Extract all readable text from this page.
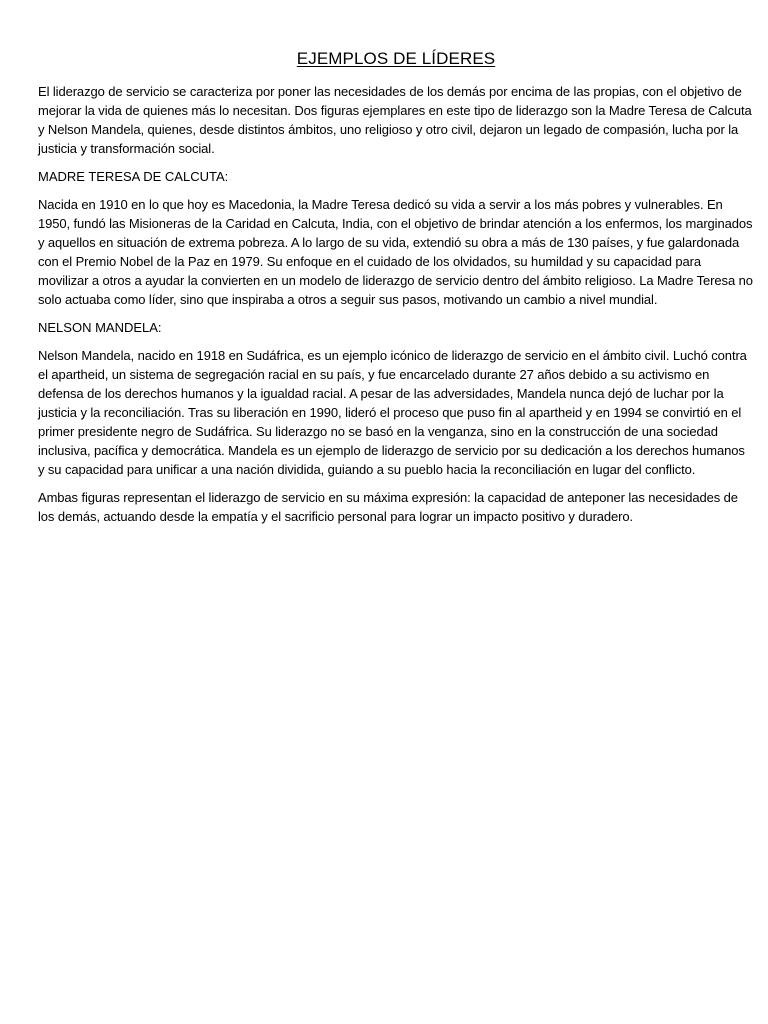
EJEMPLOS DE LÍDERES

El liderazgo de servicio se caracteriza por poner las necesidades de los demás por encima de las propias, con el objetivo de mejorar la vida de quienes más lo necesitan. Dos figuras ejemplares en este tipo de liderazgo son la Madre Teresa de Calcuta y Nelson Mandela, quienes, desde distintos ámbitos, uno religioso y otro civil, dejaron un legado de compasión, lucha por la justicia y transformación social.

MADRE TERESA DE CALCUTA:

Nacida en 1910 en lo que hoy es Macedonia, la Madre Teresa dedicó su vida a servir a los más pobres y vulnerables. En 1950, fundó las Misioneras de la Caridad en Calcuta, India, con el objetivo de brindar atención a los enfermos, los marginados y aquellos en situación de extrema pobreza. A lo largo de su vida, extendió su obra a más de 130 países, y fue galardonada con el Premio Nobel de la Paz en 1979. Su enfoque en el cuidado de los olvidados, su humildad y su capacidad para movilizar a otros a ayudar la convierten en un modelo de liderazgo de servicio dentro del ámbito religioso. La Madre Teresa no solo actuaba como líder, sino que inspiraba a otros a seguir sus pasos, motivando un cambio a nivel mundial.

NELSON MANDELA:

Nelson Mandela, nacido en 1918 en Sudáfrica, es un ejemplo icónico de liderazgo de servicio en el ámbito civil. Luchó contra el apartheid, un sistema de segregación racial en su país, y fue encarcelado durante 27 años debido a su activismo en defensa de los derechos humanos y la igualdad racial. A pesar de las adversidades, Mandela nunca dejó de luchar por la justicia y la reconciliación. Tras su liberación en 1990, lideró el proceso que puso fin al apartheid y en 1994 se convirtió en el primer presidente negro de Sudáfrica. Su liderazgo no se basó en la venganza, sino en la construcción de una sociedad inclusiva, pacífica y democrática. Mandela es un ejemplo de liderazgo de servicio por su dedicación a los derechos humanos y su capacidad para unificar a una nación dividida, guiando a su pueblo hacia la reconciliación en lugar del conflicto.

Ambas figuras representan el liderazgo de servicio en su máxima expresión: la capacidad de anteponer las necesidades de los demás, actuando desde la empatía y el sacrificio personal para lograr un impacto positivo y duradero.
